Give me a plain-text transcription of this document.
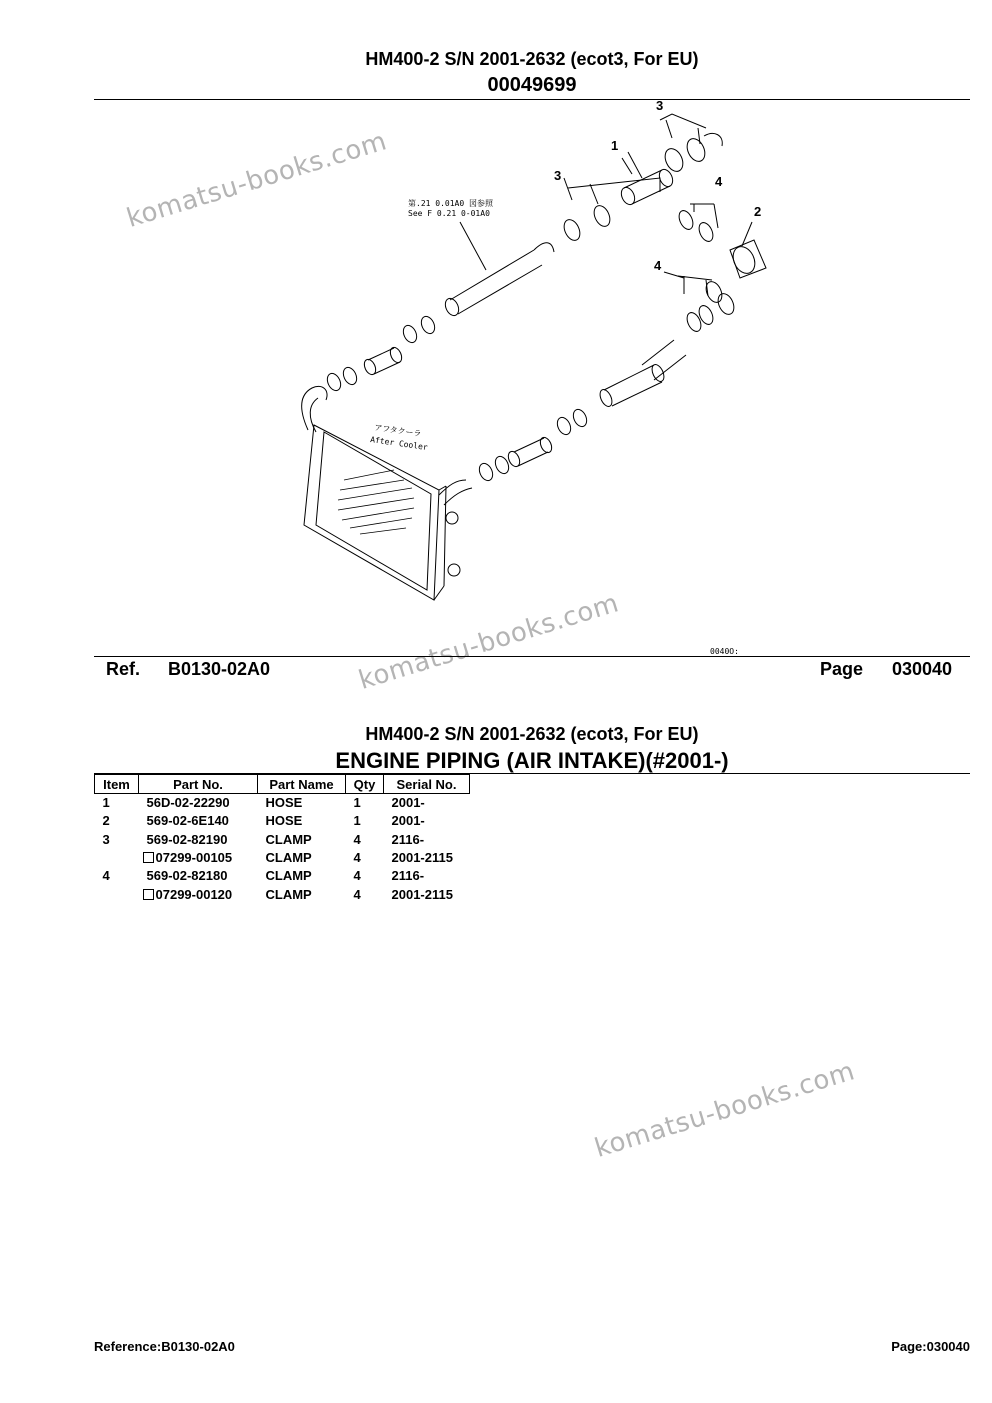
HM400-2 S/N 2001-2632 (ecot3, For EU)
00049699
komatsu-books.com
komatsu-books.com
komatsu-books.com
1
2
3
3	4
4
第.21 0.01A0 図参照
See F 0.21 0-01A0
アフタクーラ
After Cooler
0040O:
Ref. B0130-02A0	Page 030040
HM400-2 S/N 2001-2632 (ecot3, For EU)
ENGINE PIPING (AIR INTAKE)(#2001-)
Item	Part No.	Part Name	Qty	Serial No.
1	56D-02-22290	HOSE	1	2001-
2	569-02-6E140	HOSE	1	2001-
3	569-02-82190	CLAMP	4	2116-
	07299-00105	CLAMP	4	2001-2115
4	569-02-82180	CLAMP	4	2116-
	07299-00120	CLAMP	4	2001-2115
Reference:B0130-02A0	Page:030040
